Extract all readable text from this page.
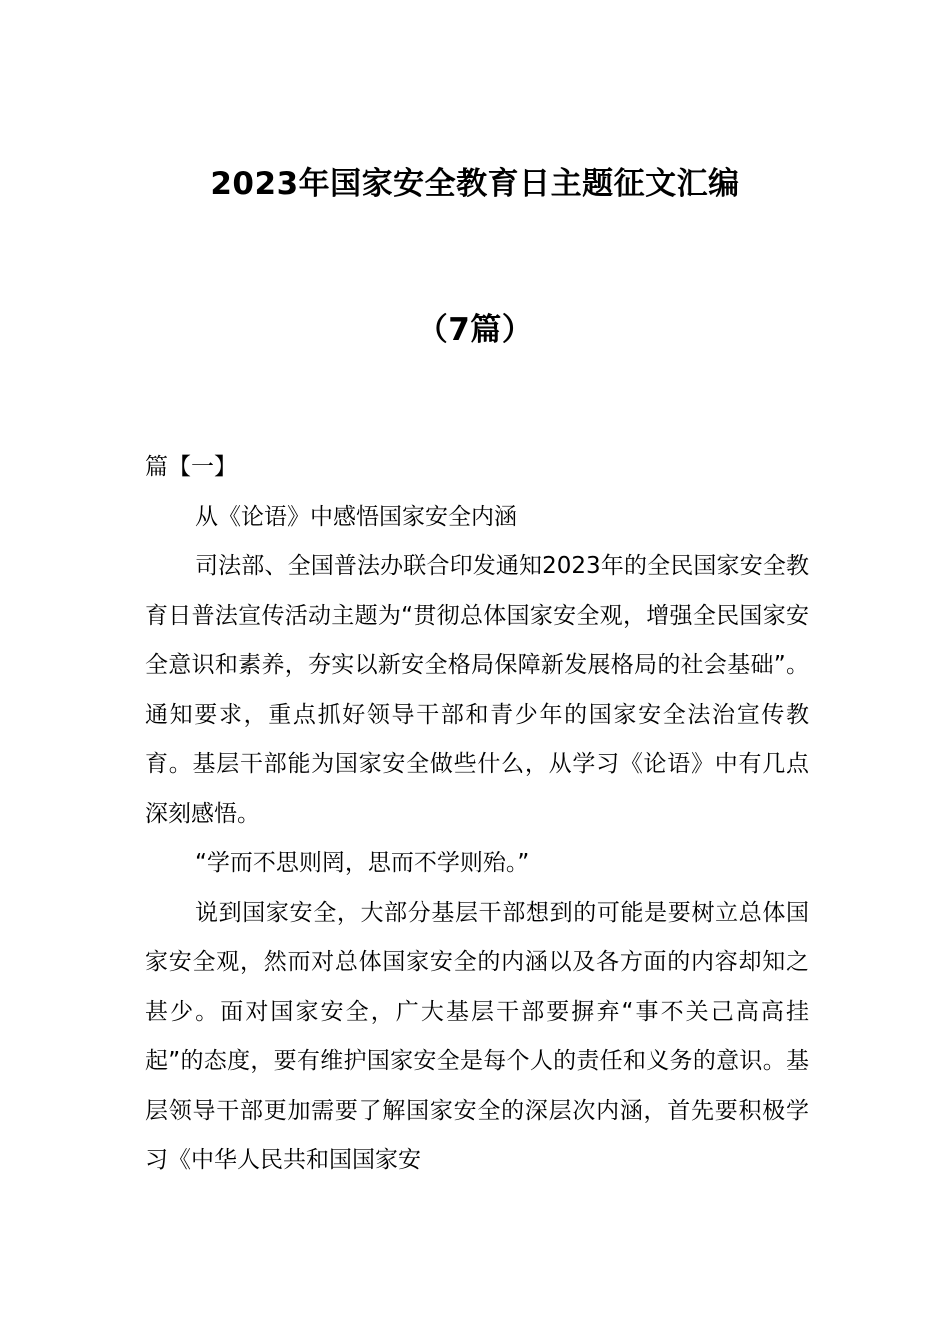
2023年国家安全教育日主题征文汇编
（7篇）

篇【一】

从《论语》中感悟国家安全内涵

司法部、全国普法办联合印发通知2023年的全民国家安全教育日普法宣传活动主题为“贯彻总体国家安全观，增强全民国家安全意识和素养，夯实以新安全格局保障新发展格局的社会基础”。通知要求，重点抓好领导干部和青少年的国家安全法治宣传教育。基层干部能为国家安全做些什么，从学习《论语》中有几点深刻感悟。

“学而不思则罔，思而不学则殆。”

说到国家安全，大部分基层干部想到的可能是要树立总体国家安全观，然而对总体国家安全的内涵以及各方面的内容却知之甚少。面对国家安全，广大基层干部要摒弃“事不关己高高挂起”的态度，要有维护国家安全是每个人的责任和义务的意识。基层领导干部更加需要了解国家安全的深层次内涵，首先要积极学习《中华人民共和国国家安
